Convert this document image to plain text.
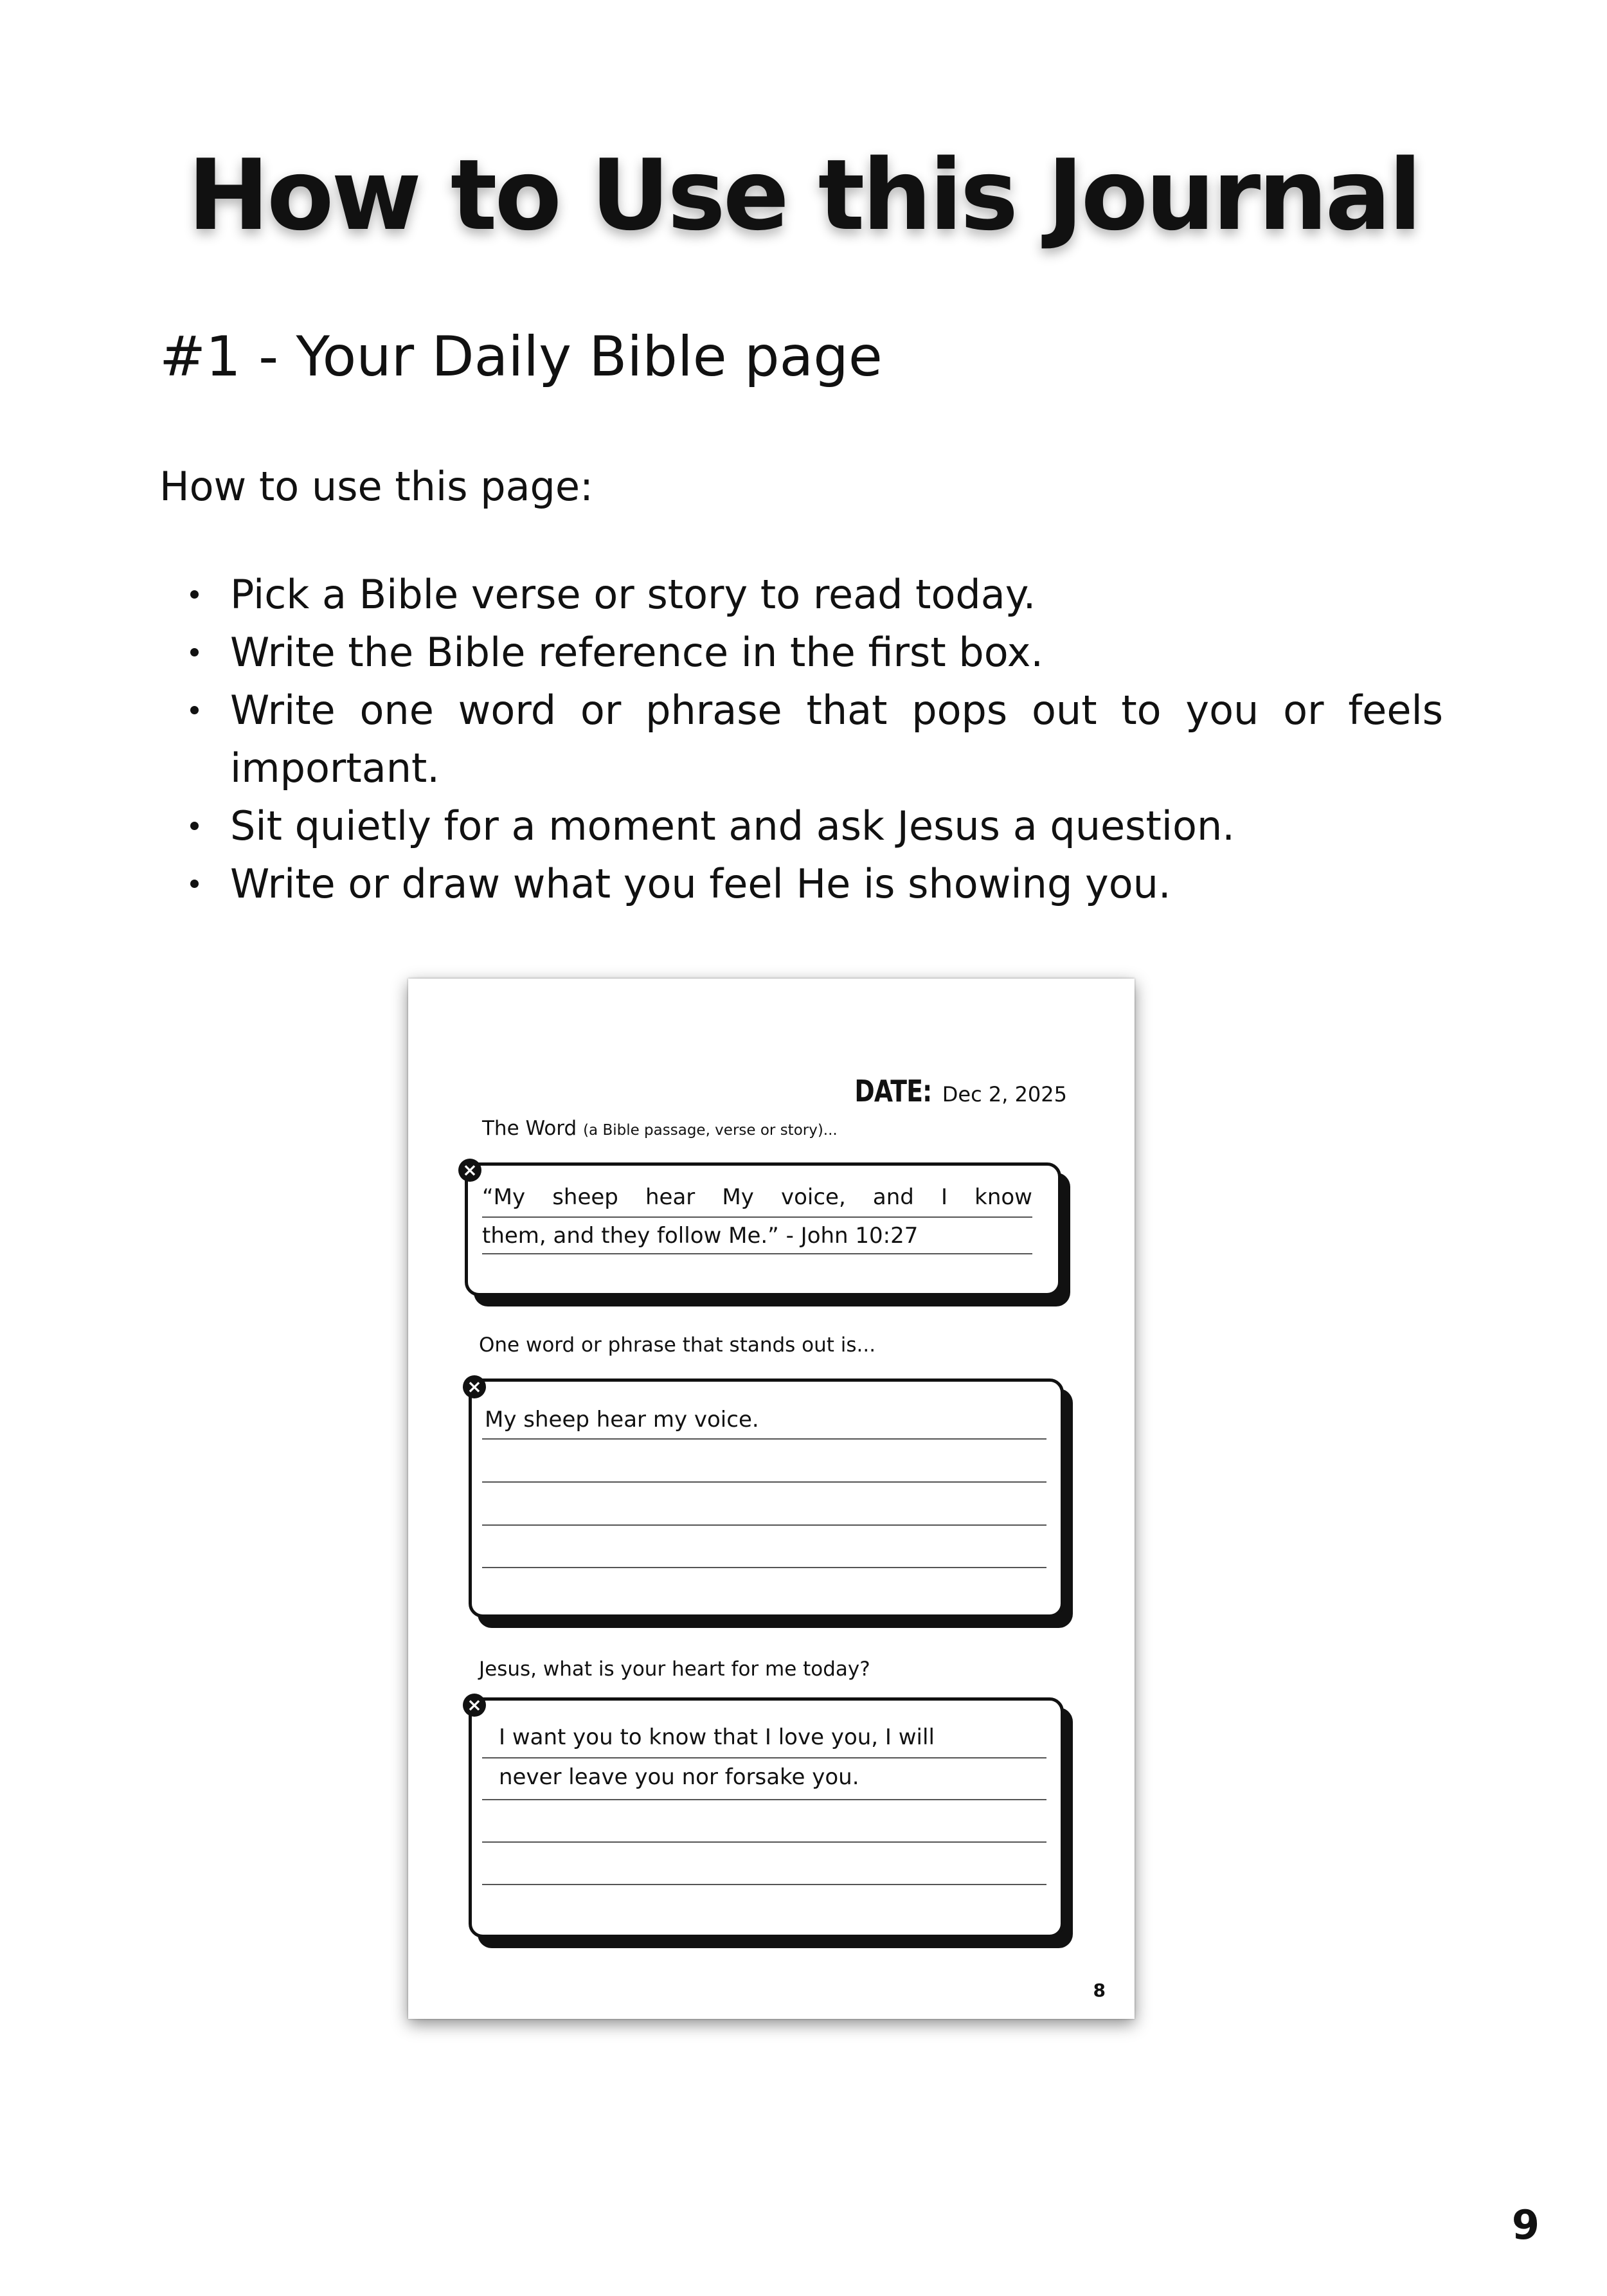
How to Use this Journal
#1 - Your Daily Bible page

How to use this page:

Pick a Bible verse or story to read today.
Write the Bible reference in the first box.
Write one word or phrase that pops out to you or feels important.
Sit quietly for a moment and ask Jesus a question.
Write or draw what you feel He is showing you.
DATE: Dec 2, 2025
The Word (a Bible passage, verse or story)...
“My sheep hear My voice, and I know
them, and they follow Me.” - John 10:27
×
One word or phrase that stands out is...
My sheep hear my voice.
×
Jesus, what is your heart for me today?
I want you to know that I love you, I will
never leave you nor forsake you.
×
8
9
